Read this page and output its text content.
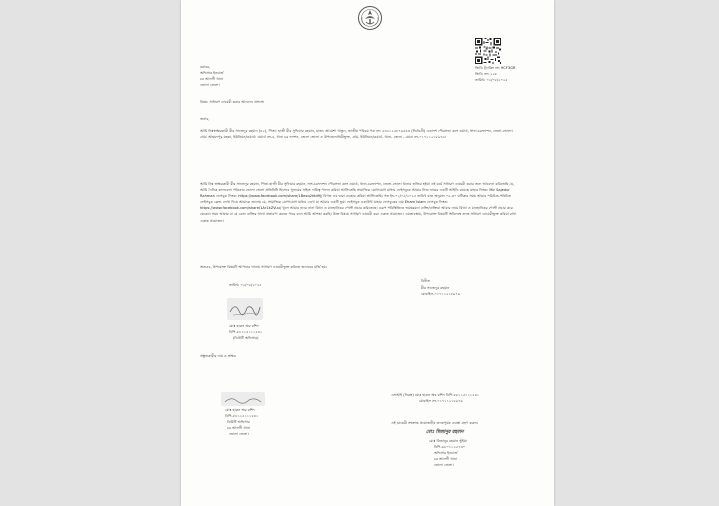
জিডি ট্র্যাকিং নং: 9CF3GR
জিডি নং: ২২৮
তারিখ: ০২/০৫/২০২৫
বরাবর,
অফিসার ইনচার্জ
চর আলগী থানা
ভোলা জেলা।
বিষয়: সাধারণ ডায়েরী করার আবেদন প্রসঙ্গে।
জনাব,
আমি নিম্নস্বাক্ষরকারী মীর সাজেদুর রহমান (৪২), পিতা: হাজী মীর সুফিয়ার রহমান, মাতা: আয়েশা খাতুন, জাতীয় পরিচয় পত্র নং: ৫৩২১২৫৮৭৬৫৪৩ (নির্বাচনী) একাদশ পৌরসভা ৩নং ওয়ার্ড, থানা-চরফ্যাশন, জেলা-ভোলা। গ্রাম: আহমদপুর মহল্লা, ইউনিয়ন/ওয়ার্ড: ওয়ার্ড নং-৪, থানা চর ফ্যাশন, জেলা ভোলা ও উপজেলাধারীভুক্ত, গ্রাম- ইউনিয়ন/ওয়ার্ড- থানা- জেলা - মোবা নং-০১৭১১২১৮৯৭৬।
আমি নিম্ন স্বাক্ষরকারী মীর সাজেদুর রহমান, পিতা-হাজী মীর সুফিয়ার রহমান, সাং-চরফ্যাশন পৌরসভা ৩নং ওয়ার্ড, থানা-চরফ্যাশন, জেলা-ভোলা থানায় হাজির হইয়া এই মর্মে সাধারণ ডায়েরী করার জন্য আবেদন করিতেছি যে, আমি দৈনিক কালবেলা পত্রিকার ভোলা জেলা প্রতিনিধি হিসেবে সুনামের সহিত দায়িত্ব পালন করিয়া আসিতেছি সামাজিক যোগাযোগ মাধ্যম ফেইসবুকে আমার নিজ নামের একটি আইডি রয়েছে যাহার লিংক: Mir Sajedur Rahman ফেসবুক লিংক: https://www.facebook.com/share/1Bexq2ktd9j/ বিগত এর দ্বারা ব্যবহার করিয়া আসিতেছি। গত ইং-০১/০৫/২০২৫ তারিখ রাত অনুমান ০৯.৩০ ঘটিকার সময় আমার পরিচিত-পরিচিত ফেইসবুক ফ্রেন্ড লেখা দিয়ে আমাকে জানায় যে, সামাজিক যোগাযোগ মাধ্যম দেখে যা আমার একটি ভুয়া ফেইসবুক একাউন্ট যাহার ফেসবুকের নাম Eham Islam ফেসবুক লিংক: https://www.facebook.com/share/1Ar1kZVuu/ খুলে আমার নামে নানা মিথ্যা ও মানহানিকর পোস্ট প্রচার করিতেছে। এরূপ পরিস্থিতিতে ভয়ঙ্করমনা ব্যক্তি/ব্যক্তিরা আমার নামে মিথ্যা ও মানহানিকর পোস্ট প্রচার করে যেকোন সময় আমার বা যে কোন ব্যক্তির সাথে প্রতারণা করতে পারে বলে আমি আশঙ্কা করছি। উক্ত বিষয়ে সাধারণ ডায়েরী করা একান্ত প্রয়োজন। এমতাবস্থায়, উপরোক্ত বিষয়টি অবিলম্বে তদন্ত সাধারণ ডায়েরীভুক্ত করিয়া রাখা একান্ত প্রয়োজন।
অতএব, উপরোক্ত বিষয়টি আপনার থানায় সাধারণ ডায়েরীভুক্ত করিতে জনাবের মর্জি হয়।
বিনীত
মীর সাজেদুর রহমান
মোবাইল-০১৭১১২১৮৯৭৬
তারিখ: ০২/০৫/২০২৫
মোঃ হারুন অর রশিদ
বিপি-৮৮১১৫১১১৫৪১
(ডিউটি অফিসার)
প্রস্তুতকারীর নাম ও স্বাক্ষর
মোঃ হারুন অর রশিদ
বিপি-৮৮১১৫১১১৫৪১
ডিউটি অফিসার
চর আলগী থানা
ভোলা জেলা।
এসআই (নিরস্ত্র) মোঃ হারুন অর রশিদ বিপি-৮৮১১৫১১১৫৪১
মোবাইল নং-০১৭১১২১৮৯৭৬
এই ডায়েরী সংক্রান্ত প্রয়োজনীয় তদন্তপূর্বক ব্যবস্থা গ্রহণ করুন।
মোঃ মিজানুর রহমান
মোঃ মিজানুর রহমান ভূঁইয়া
বিপি-৬৮০১১২৫৭৩০
অফিসার ইনচার্জ
চর আলগী থানা
ভোলা জেলা।
